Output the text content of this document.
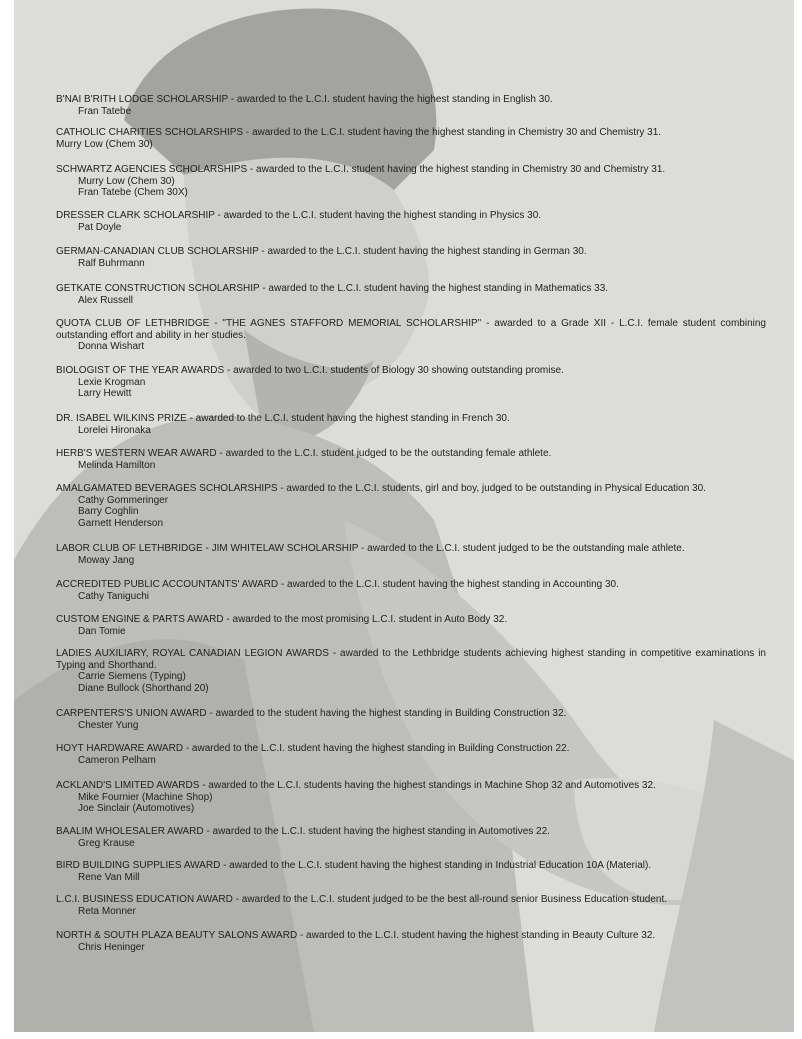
B'NAI B'RITH LODGE SCHOLARSHIP - awarded to the L.C.I. student having the highest standing in English 30.
Fran Tatebe
CATHOLIC CHARITIES SCHOLARSHIPS - awarded to the L.C.I. student having the highest standing in Chemistry 30 and Chemistry 31.
Murry Low (Chem 30)
SCHWARTZ AGENCIES SCHOLARSHIPS - awarded to the L.C.I. student having the highest standing in Chemistry 30 and Chemistry 31.
Murry Low (Chem 30)
Fran Tatebe (Chem 30X)
DRESSER CLARK SCHOLARSHIP - awarded to the L.C.I. student having the highest standing in Physics 30.
Pat Doyle
GERMAN-CANADIAN CLUB SCHOLARSHIP - awarded to the L.C.I. student having the highest standing in German 30.
Ralf Buhrmann
GETKATE CONSTRUCTION SCHOLARSHIP - awarded to the L.C.I. student having the highest standing in Mathematics 33.
Alex Russell
QUOTA CLUB OF LETHBRIDGE - "THE AGNES STAFFORD MEMORIAL SCHOLARSHIP" - awarded to a Grade XII - L.C.I. female student combining outstanding effort and ability in her studies.
Donna Wishart
BIOLOGIST OF THE YEAR AWARDS - awarded to two L.C.I. students of Biology 30 showing outstanding promise.
Lexie Krogman
Larry Hewitt
DR. ISABEL WILKINS PRIZE - awarded to the L.C.I. student having the highest standing in French 30.
Lorelei Hironaka
HERB'S WESTERN WEAR AWARD - awarded to the L.C.I. student judged to be the outstanding female athlete.
Melinda Hamilton
AMALGAMATED BEVERAGES SCHOLARSHIPS - awarded to the L.C.I. students, girl and boy, judged to be outstanding in Physical Education 30.
Cathy Gommeringer
Barry Coghlin
Garnett Henderson
LABOR CLUB OF LETHBRIDGE - JIM WHITELAW SCHOLARSHIP - awarded to the L.C.I. student judged to be the outstanding male athlete.
Moway Jang
ACCREDITED PUBLIC ACCOUNTANTS' AWARD - awarded to the L.C.I. student having the highest standing in Accounting 30.
Cathy Taniguchi
CUSTOM ENGINE & PARTS AWARD - awarded to the most promising L.C.I. student in Auto Body 32.
Dan Tomie
LADIES AUXILIARY, ROYAL CANADIAN LEGION AWARDS - awarded to the Lethbridge students achieving highest standing in competitive examinations in Typing and Shorthand.
Carrie Siemens (Typing)
Diane Bullock (Shorthand 20)
CARPENTERS'S UNION AWARD - awarded to the student having the highest standing in Building Construction 32.
Chester Yung
HOYT HARDWARE AWARD - awarded to the L.C.I. student having the highest standing in Building Construction 22.
Cameron Pelham
ACKLAND'S LIMITED AWARDS - awarded to the L.C.I. students having the highest standings in Machine Shop 32 and Automotives 32.
Mike Fournier (Machine Shop)
Joe Sinclair (Automotives)
BAALIM WHOLESALER AWARD - awarded to the L.C.I. student having the highest standing in Automotives 22.
Greg Krause
BIRD BUILDING SUPPLIES AWARD - awarded to the L.C.I. student having the highest standing in Industrial Education 10A (Material).
Rene Van Mill
L.C.I. BUSINESS EDUCATION AWARD - awarded to the L.C.I. student judged to be the best all-round senior Business Education student.
Reta Monner
NORTH & SOUTH PLAZA BEAUTY SALONS AWARD - awarded to the L.C.I. student having the highest standing in Beauty Culture 32.
Chris Heninger
